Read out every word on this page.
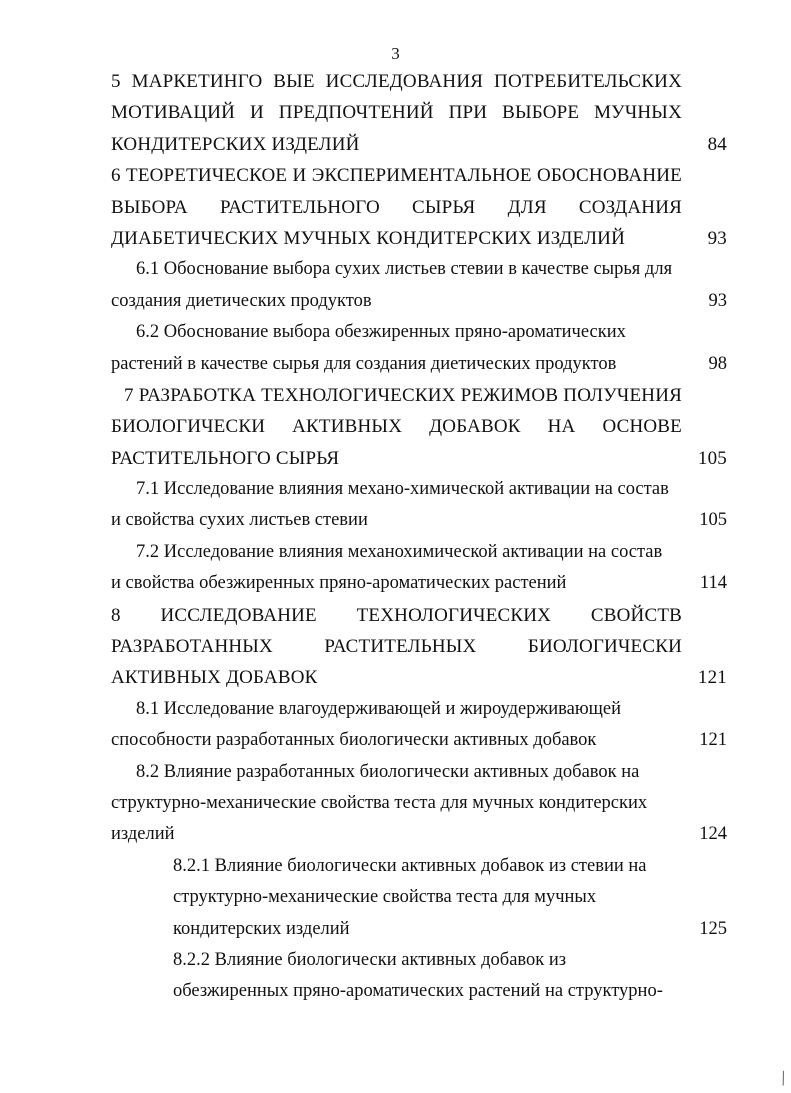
3
5 МАРКЕТИНГО ВЫЕ ИССЛЕДОВАНИЯ ПОТРЕБИТЕЛЬСКИХ
МОТИВАЦИЙ И ПРЕДПОЧТЕНИЙ ПРИ ВЫБОРЕ МУЧНЫХ
КОНДИТЕРСКИХ ИЗДЕЛИЙ	84
6 ТЕОРЕТИЧЕСКОЕ И ЭКСПЕРИМЕНТАЛЬНОЕ ОБОСНОВАНИЕ
ВЫБОРА РАСТИТЕЛЬНОГО СЫРЬЯ ДЛЯ СОЗДАНИЯ
ДИАБЕТИЧЕСКИХ МУЧНЫХ КОНДИТЕРСКИХ ИЗДЕЛИЙ	93
6.1 Обоснование выбора сухих листьев стевии в качестве сырья для
создания диетических продуктов	93
6.2 Обоснование выбора обезжиренных пряно-ароматических
растений в качестве сырья для создания диетических продуктов	98
7 РАЗРАБОТКА ТЕХНОЛОГИЧЕСКИХ РЕЖИМОВ ПОЛУЧЕНИЯ
БИОЛОГИЧЕСКИ АКТИВНЫХ ДОБАВОК НА ОСНОВЕ
РАСТИТЕЛЬНОГО СЫРЬЯ	105
7.1 Исследование влияния механо-химической активации на состав
и свойства сухих листьев стевии	105
7.2 Исследование влияния механохимической активации на состав
и свойства обезжиренных пряно-ароматических растений	114
8 ИССЛЕДОВАНИЕ ТЕХНОЛОГИЧЕСКИХ СВОЙСТВ
РАЗРАБОТАННЫХ РАСТИТЕЛЬНЫХ БИОЛОГИЧЕСКИ
АКТИВНЫХ ДОБАВОК	121
8.1 Исследование влагоудерживающей и жироудерживающей
способности разработанных биологически активных добавок	121
8.2 Влияние разработанных биологически активных добавок на
структурно-механические свойства теста для мучных кондитерских
изделий	124
8.2.1 Влияние биологически активных добавок из стевии на
структурно-механические свойства теста для мучных
кондитерских изделий	125
8.2.2 Влияние биологически активных добавок из
обезжиренных пряно-ароматических растений на структурно-
⁄
